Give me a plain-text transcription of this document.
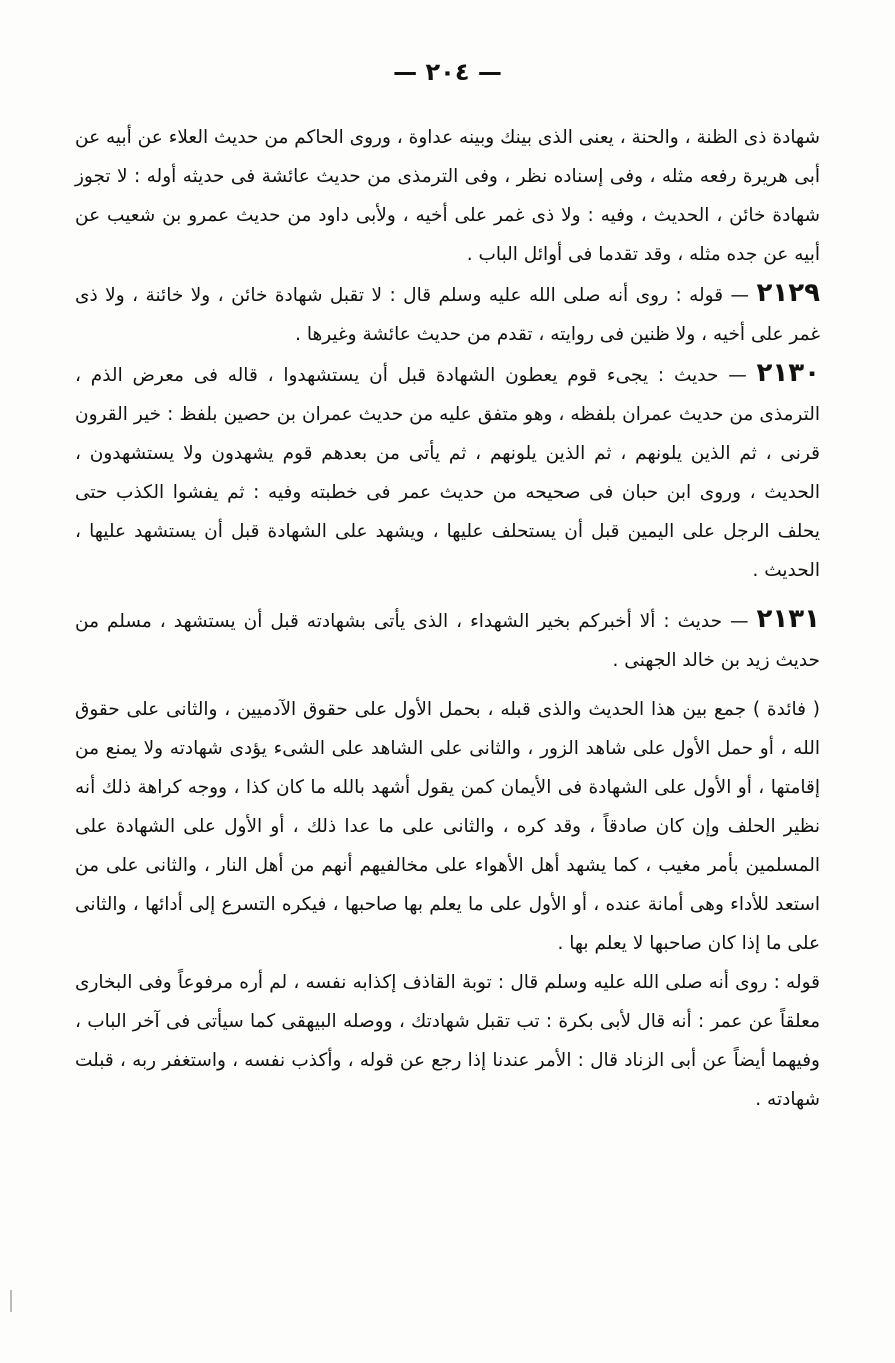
— ٢٠٤ —

شهادة ذى الظنة ، والحنة ، يعنى الذى بينك وبينه عداوة ، وروى الحاكم من حديث العلاء عن أبيه عن أبى هريرة رفعه مثله ، وفى إسناده نظر ، وفى الترمذى من حديث عائشة فى حديثه أوله : لا تجوز شهادة خائن ، الحديث ، وفيه : ولا ذى غمر على أخيه ، ولأبى داود من حديث عمرو بن شعيب عن أبيه عن جده مثله ، وقد تقدما فى أوائل الباب .

٢١٢٩ — قوله : روى أنه صلى الله عليه وسلم قال : لا تقبل شهادة خائن ، ولا خائنة ، ولا ذى غمر على أخيه ، ولا ظنين فى روايته ، تقدم من حديث عائشة وغيرها .

٢١٣٠ — حديث : يجىء قوم يعطون الشهادة قبل أن يستشهدوا ، قاله فى معرض الذم ، الترمذى من حديث عمران بلفظه ، وهو متفق عليه من حديث عمران بن حصين بلفظ : خير القرون قرنى ، ثم الذين يلونهم ، ثم الذين يلونهم ، ثم يأتى من بعدهم قوم يشهدون ولا يستشهدون ، الحديث ، وروى ابن حبان فى صحيحه من حديث عمر فى خطبته وفيه : ثم يفشوا الكذب حتى يحلف الرجل على اليمين قبل أن يستحلف عليها ، ويشهد على الشهادة قبل أن يستشهد عليها ، الحديث .

٢١٣١ — حديث : ألا أخبركم بخير الشهداء ، الذى يأتى بشهادته قبل أن يستشهد ، مسلم من حديث زيد بن خالد الجهنى .

( فائدة ) جمع بين هذا الحديث والذى قبله ، بحمل الأول على حقوق الآدميين ، والثانى على حقوق الله ، أو حمل الأول على شاهد الزور ، والثانى على الشاهد على الشىء يؤدى شهادته ولا يمنع من إقامتها ، أو الأول على الشهادة فى الأيمان كمن يقول أشهد بالله ما كان كذا ، ووجه كراهة ذلك أنه نظير الحلف وإن كان صادقاً ، وقد كره ، والثانى على ما عدا ذلك ، أو الأول على الشهادة على المسلمين بأمر مغيب ، كما يشهد أهل الأهواء على مخالفيهم أنهم من أهل النار ، والثانى على من استعد للأداء وهى أمانة عنده ، أو الأول على ما يعلم بها صاحبها ، فيكره التسرع إلى أدائها ، والثانى على ما إذا كان صاحبها لا يعلم بها .

قوله : روى أنه صلى الله عليه وسلم قال : توبة القاذف إكذابه نفسه ، لم أره مرفوعاً وفى البخارى معلقاً عن عمر : أنه قال لأبى بكرة : تب تقبل شهادتك ، ووصله البيهقى كما سيأتى فى آخر الباب ، وفيهما أيضاً عن أبى الزناد قال : الأمر عندنا إذا رجع عن قوله ، وأكذب نفسه ، واستغفر ربه ، قبلت شهادته .
